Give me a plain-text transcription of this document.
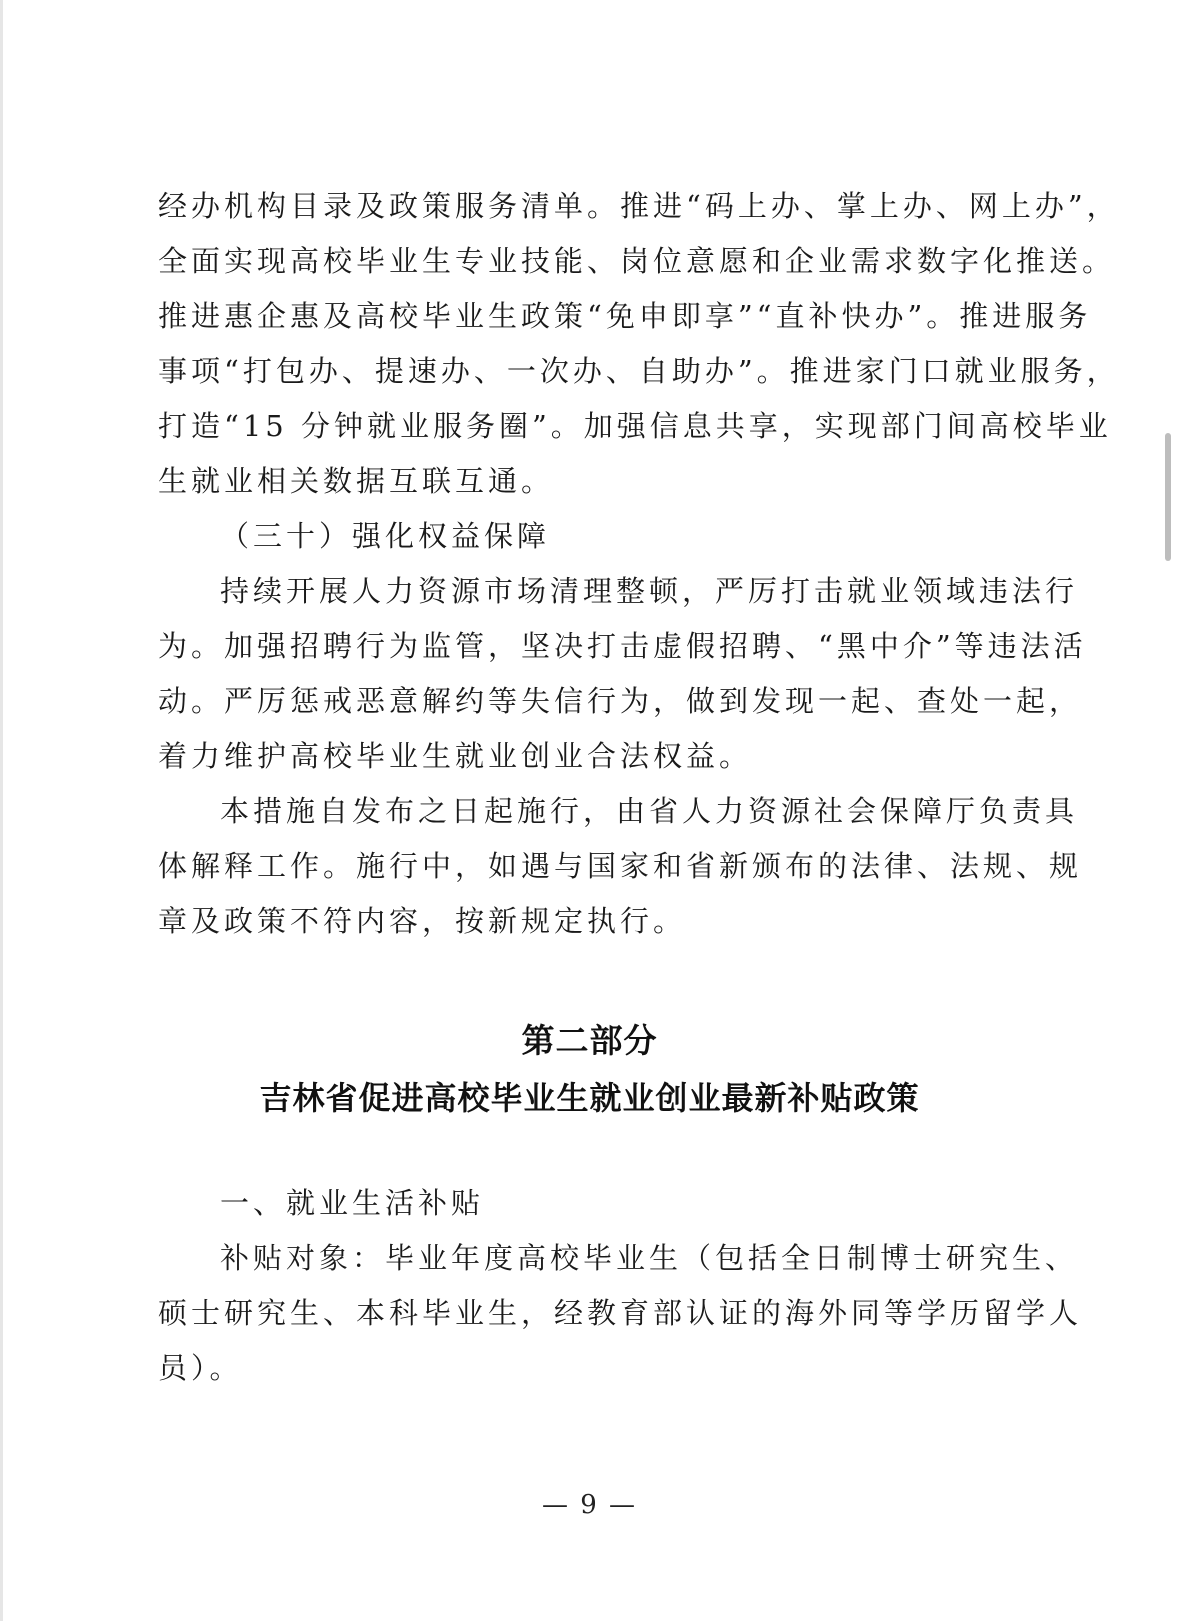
经办机构目录及政策服务清单。推进“码上办、掌上办、网上办”，
全面实现高校毕业生专业技能、岗位意愿和企业需求数字化推送。
推进惠企惠及高校毕业生政策“免申即享”“直补快办”。推进服务
事项“打包办、提速办、一次办、自助办”。推进家门口就业服务，
打造“15 分钟就业服务圈”。加强信息共享，实现部门间高校毕业
生就业相关数据互联互通。
（三十）强化权益保障
持续开展人力资源市场清理整顿，严厉打击就业领域违法行
为。加强招聘行为监管，坚决打击虚假招聘、“黑中介”等违法活
动。严厉惩戒恶意解约等失信行为，做到发现一起、查处一起，
着力维护高校毕业生就业创业合法权益。
本措施自发布之日起施行，由省人力资源社会保障厅负责具
体解释工作。施行中，如遇与国家和省新颁布的法律、法规、规
章及政策不符内容，按新规定执行。
第二部分
吉林省促进高校毕业生就业创业最新补贴政策
一、就业生活补贴
补贴对象：毕业年度高校毕业生（包括全日制博士研究生、
硕士研究生、本科毕业生，经教育部认证的海外同等学历留学人
员）。
— 9 —
